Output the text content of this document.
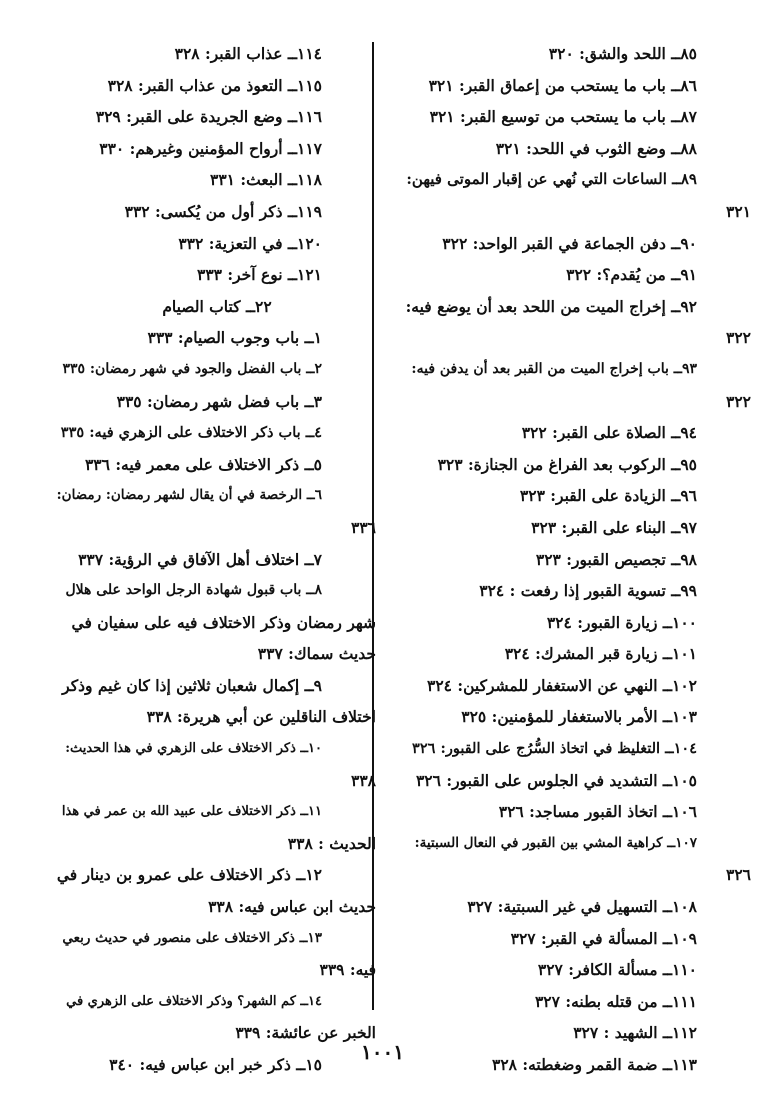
٨٥ــ اللحد والشق: ٣٢٠
٨٦ــ باب ما يستحب من إعماق القبر: ٣٢١
٨٧ــ باب ما يستحب من توسيع القبر: ٣٢١
٨٨ــ وضع الثوب في اللحد: ٣٢١
٨٩ــ الساعات التي نُهي عن إقبار الموتى فيهن:
٣٢١
٩٠ــ دفن الجماعة في القبر الواحد: ٣٢٢
٩١ــ من يُقدم؟: ٣٢٢
٩٢ــ إخراج الميت من اللحد بعد أن يوضع فيه:
٣٢٢
٩٣ــ باب إخراج الميت من القبر بعد أن يدفن فيه:
٣٢٢
٩٤ــ الصلاة على القبر: ٣٢٢
٩٥ــ الركوب بعد الفراغ من الجنازة: ٣٢٣
٩٦ــ الزيادة على القبر: ٣٢٣
٩٧ــ البناء على القبر: ٣٢٣
٩٨ــ تجصيص القبور: ٣٢٣
٩٩ــ تسوية القبور إذا رفعت : ٣٢٤
١٠٠ــ زيارة القبور: ٣٢٤
١٠١ــ زيارة قبر المشرك: ٣٢٤
١٠٢ــ النهي عن الاستغفار للمشركين: ٣٢٤
١٠٣ــ الأمر بالاستغفار للمؤمنين: ٣٢٥
١٠٤ــ التغليظ في اتخاذ السُّرُج على القبور: ٣٢٦
١٠٥ــ التشديد في الجلوس على القبور: ٣٢٦
١٠٦ــ اتخاذ القبور مساجد: ٣٢٦
١٠٧ــ كراهية المشي بين القبور في النعال السبتية:
٣٢٦
١٠٨ــ التسهيل في غير السبتية: ٣٢٧
١٠٩ــ المسألة في القبر: ٣٢٧
١١٠ــ مسألة الكافر: ٣٢٧
١١١ــ من قتله بطنه: ٣٢٧
١١٢ــ الشهيد : ٣٢٧
١١٣ــ ضمة القمر وضغطته: ٣٢٨
١١٤ــ عذاب القبر: ٣٢٨
١١٥ــ التعوذ من عذاب القبر: ٣٢٨
١١٦ــ وضع الجريدة على القبر: ٣٢٩
١١٧ــ أرواح المؤمنين وغيرهم: ٣٣٠
١١٨ــ البعث: ٣٣١
١١٩ــ ذكر أول من يُكسى: ٣٣٢
١٢٠ــ في التعزية: ٣٣٢
١٢١ــ نوع آخر: ٣٣٣
٢٢ــ كتاب الصيام
١ــ باب وجوب الصيام: ٣٣٣
٢ــ باب الفضل والجود في شهر رمضان: ٣٣٥
٣ــ باب فضل شهر رمضان: ٣٣٥
٤ــ باب ذكر الاختلاف على الزهري فيه: ٣٣٥
٥ــ ذكر الاختلاف على معمر فيه: ٣٣٦
٦ــ الرخصة في أن يقال لشهر رمضان: رمضان:
٣٣٦
٧ــ اختلاف أهل الآفاق في الرؤية: ٣٣٧
٨ــ باب قبول شهادة الرجل الواحد على هلال
شهر رمضان وذكر الاختلاف فيه على سفيان في
حديث سماك: ٣٣٧
٩ــ إكمال شعبان ثلاثين إذا كان غيم وذكر
اختلاف الناقلين عن أبي هريرة: ٣٣٨
١٠ــ ذكر الاختلاف على الزهري في هذا الحديث:
٣٣٨
١١ــ ذكر الاختلاف على عبيد الله بن عمر في هذا
الحديث : ٣٣٨
١٢ــ ذكر الاختلاف على عمرو بن دينار في
حديث ابن عباس فيه: ٣٣٨
١٣ــ ذكر الاختلاف على منصور في حديث ربعي
فيه: ٣٣٩
١٤ــ كم الشهر؟ وذكر الاختلاف على الزهري في
الخبر عن عائشة: ٣٣٩
١٥ــ ذكر خبر ابن عباس فيه: ٣٤٠
١٠٠١
